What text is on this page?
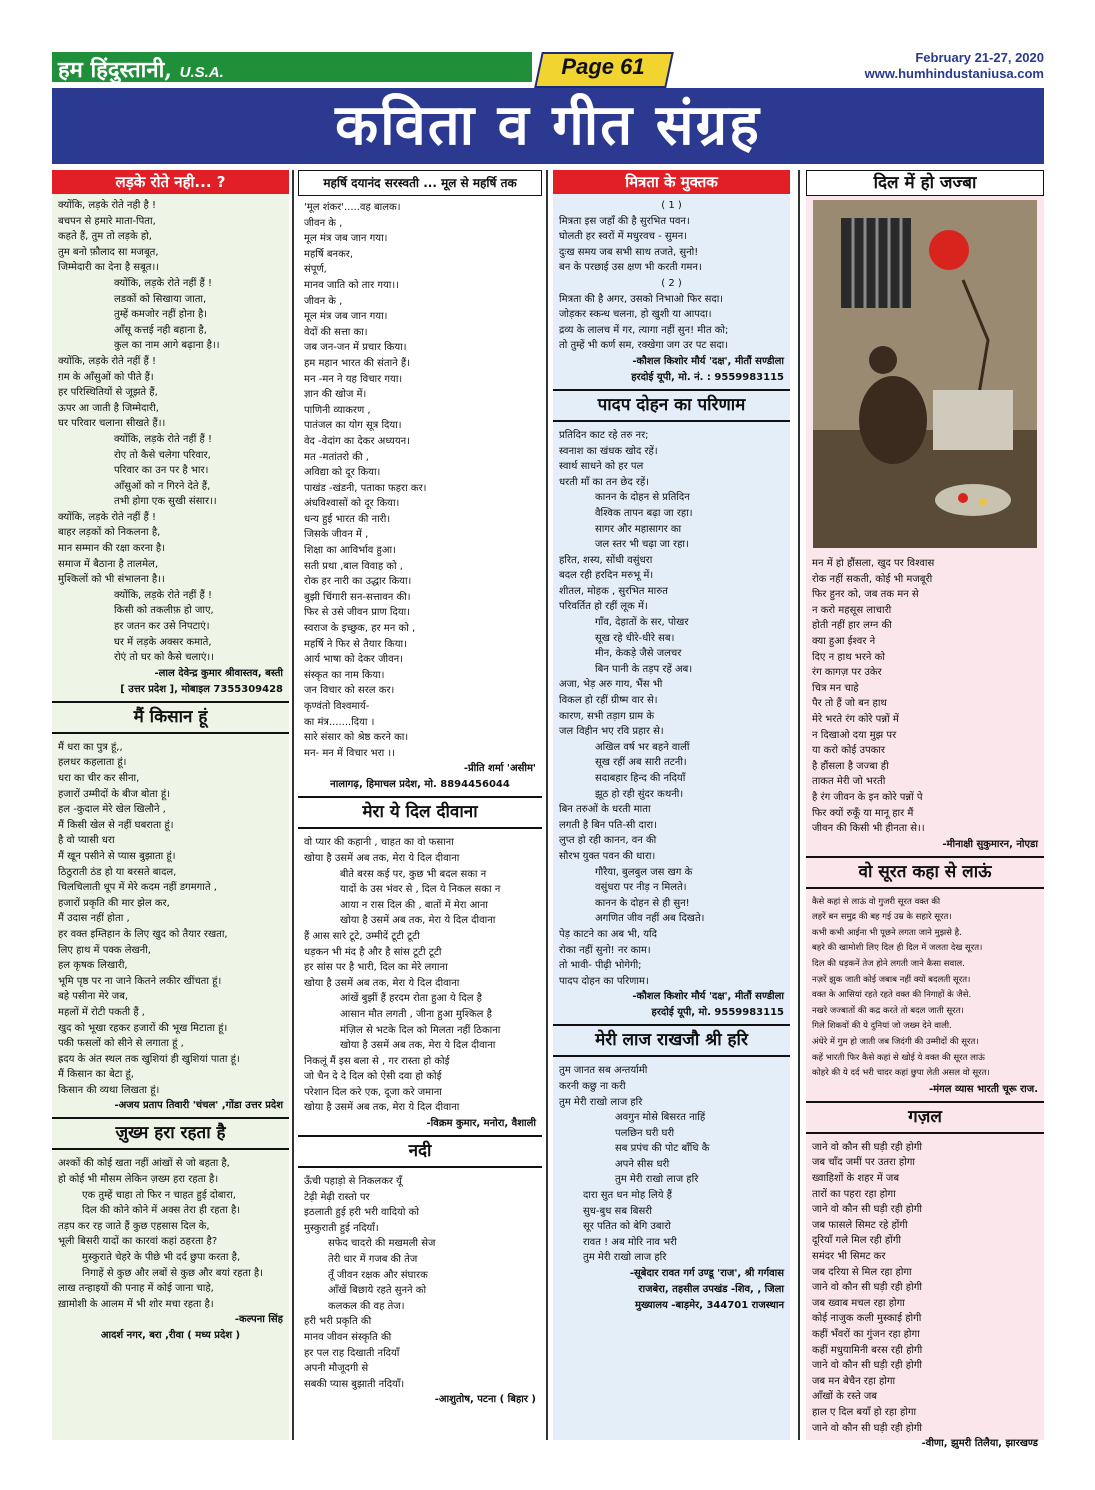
हम हिंदुस्तानी, U.S.A.	Page 61	February 21-27, 2020
www.humhindustaniusa.com
कविता व गीत संग्रह
लड़के रोते नही... ?
क्योंकि, लड़के रोते नही है !
बचपन से हमारे माता-पिता,
कहते हैं, तुम तो लड़के हो,
तुम बनो फ़ौलाद सा मजबूत,
जिम्मेदारी का देना है सबूत।।
क्योंकि, लड़के रोते नहीं हैं !
लडकों को सिखाया जाता,
तुम्हें कमजोर नहीं होना है।
आँसू कत्तई नही बहाना है,
कुल का नाम आगे बढ़ाना है।।
क्योंकि, लड़के रोते नहीं हैं !
ग़म के आँसुओं को पीते हैं।
हर परिस्थितियों से जूझते हैं,
ऊपर आ जाती है जिम्मेदारी,
घर परिवार चलाना सीखते हैं।।
क्योंकि, लड़के रोते नहीं हैं !
रोए तो कैसे चलेगा परिवार,
परिवार का उन पर है भार।
आँसुओं को न गिरने देते हैं,
तभी होगा एक सुखी संसार।।
क्योंकि, लड़के रोते नहीं हैं !
बाहर लड़कों को निकलना है,
मान सम्मान की रक्षा करना है।
समाज में बैठाना है तालमेल,
मुश्किलों को भी संभालना है।।
क्योंकि, लड़के रोते नहीं हैं !
किसी को तकलीफ़ हो जाए,
हर जतन कर उसे निपटाएं।
घर में लड़के अक्सर कमाते,
रोएं तो घर को कैसे चलाएं।।
-लाल देवेन्द्र कुमार श्रीवास्तव, बस्ती
[ उत्तर प्रदेश ], मोबाइल 7355309428
मैं किसान हूं
मैं धरा का पुत्र हूं,,
हलधर कहलाता हूं।
धरा का चीर कर सीना,
हजारों उम्मीदों के बीज बोता हूं।
हल -कुदाल मेरे खेल खिलौने ,
मैं किसी खेल से नहीं घबराता हूं।
है वो प्यासी धरा
मैं खून पसीने से प्यास बुझाता हूं।
ठिठुराती ठंड हो या बरसते बादल,
चिलचिलाती धूप में मेरे कदम नहीं डगमगाते ,
हजारों प्रकृति की मार झेल कर,
मैं उदास नहीं होता ,
हर वक्त इम्तिहान के लिए खुद को तैयार रखता,
लिए हाथ में पक्क लेखनी,
हल कृषक लिखारी,
भूमि पृष्ठ पर ना जाने कितने लकीर खींचता हूं।
बहे पसीना मेरे जब,
महलों में रोटी पकती हैं ,
खुद को भूखा रहकर हजारों की भूख मिटाता हूं।
पकी फसलों को सीने से लगाता हूं ,
ह्रदय के अंत स्थल तक खुशियां ही खुशियां पाता हूं।
मैं किसान का बेटा हूं,
किसान की व्यथा लिखता हूं।
-अजय प्रताप तिवारी 'चंचल' ,गोंडा उत्तर प्रदेश
ज़ुख्म हरा रहता है
अश्कों की कोई खता नहीं आंखों से जो बहता है,
हो कोई भी मौसम लेकिन ज़ख्म हरा रहता है।
एक तुम्हें चाहा तो फिर न चाहत हुई दोबारा,
दिल की कोने कोने में अक्स तेरा ही रहता है।
तड़प कर रह जाते हैं कुछ एहसास दिल के,
भूली बिसरी यादों का कारवां कहां ठहरता है?
मुस्कुराते चेहरे के पीछे भी दर्द छुपा करता है,
निगाहें से कुछ और लबों से कुछ और बयां रहता है।
लाख तन्हाइयों की पनाह में कोई जाना चाहे,
ख़ामोशी के आलम में भी शोर मचा रहता है।
-कल्पना सिंह
आदर्श नगर, बरा ,रीवा ( मध्य प्रदेश )
महर्षि दयानंद सरस्वती ... मूल से महर्षि तक
'मूल शंकर'.....वह बालक।
जीवन के ,
मूल मंत्र जब जान गया।
महर्षि बनकर,
संपूर्ण,
मानव जाति को तार गया।।
जीवन के ,
मूल मंत्र जब जान गया।
वेदों की सत्ता का।
जब जन-जन में प्रचार किया।
हम महान भारत की संताने हैं।
मन -मन ने यह विचार गया।
ज्ञान की खोज में।
पाणिनी व्याकरण ,
पातंजल का योग सूत्र दिया।
वेद -वेदांग का देकर अध्ययन।
मत -मतांतरो की ,
अविद्या को दूर किया।
पाखंड -खंडनी, पताका फहरा कर।
अंधविश्वासों को दूर किया।
धन्य हुई भारत की नारी।
जिसके जीवन में ,
शिक्षा का आविर्भाव हुआ।
सती प्रथा ,बाल विवाह को ,
रोक हर नारी का उद्धार किया।
बुझी चिंगारी सन-सत्तावन की।
फिर से उसे जीवन प्राण दिया।
स्वराज के इच्छुक, हर मन को ,
महर्षि ने फिर से तैयार किया।
आर्य भाषा को देकर जीवन।
संस्कृत का नाम किया।
जन विचार को सरल कर।
कृण्वंतो विश्वमार्य-
का मंत्र.......दिया ।
सारे संसार को श्रेष्ठ करने का।
मन- मन में विचार भरा ।।
-प्रीति शर्मा 'असीम'
नालागढ़, हिमाचल प्रदेश, मो. 8894456044
मेरा ये दिल दीवाना
वो प्यार की कहानी , चाहत का वो फसाना
खोया है उसमें अब तक, मेरा ये दिल दीवाना
बीते बरस कई पर, कुछ भी बदल सका न
यादों के उस भंवर से , दिल ये निकल सका न
आया न रास दिल की , बातों में मेरा आना
खोया है उसमें अब तक, मेरा ये दिल दीवाना
हैं आस सारे टूटे, उम्मीदें टूटी टूटी
धड़कन भी मंद है और है सांस टूटी टूटी
हर सांस पर है भारी, दिल का मेरे लगाना
खोया है उसमें अब तक, मेरा ये दिल दीवाना
आंखें बुझीं हैं हरदम रोता हुआ ये दिल है
आसान मौत लगती , जीना हुआ मुश्किल है
मंज़िल से भटके दिल को मिलता नहीं ठिकाना
खोया है उसमें अब तक, मेरा ये दिल दीवाना
निकलूं मैं इस बला से , गर रास्ता हो कोई
जो चैन दे दे दिल को ऐसी दवा हो कोई
परेशान दिल करे एक, दूजा करे जमाना
खोया है उसमें अब तक, मेरा ये दिल दीवाना
-विक्रम कुमार, मनोरा, वैशाली
नदी
ऊँची पहाड़ो से निकलकर यूँ
टेढ़ी मेढ़ी रास्तो पर
इठलाती हुई हरी भरी वादियो को
मुस्कुराती हुई नदियाँ।
सफेद चादरो की मखमली सेज
तेरी धार में गजब की तेज
तूँ जीवन रक्षक और संघारक
आँखें बिछाये रहते सुनने को
कलकल की वह तेज।
हरी भरी प्रकृति की
मानव जीवन संस्कृति की
हर पल राह दिखाती नदियाँ
अपनी मौजूदगी से
सबकी प्यास बुझाती नदियाँ।
-आशुतोष, पटना ( बिहार )
मित्रता के मुक्तक
( 1 )
मित्रता इस जहाँ की है सुरभित पवन।
घोलती हर स्वरों में मधुरवच - सुमन।
दुःख समय जब सभी साथ तजते, सुनो!
बन के परछाई उस क्षण भी करती गमन।
( 2 )
मित्रता की है अगर, उसको निभाओ फिर सदा।
जोड़कर स्कन्ध चलना, हो खुशी या आपदा।
द्रव्य के लालच में गर, त्यागा नहीं सुन! मीत को;
तो तुम्हें भी कर्ण सम, रक्खेगा जग उर पट सदा।
-कौशल किशोर मौर्य 'दक्ष', मीतौं सण्डीला
हरदोई यूपी, मो. नं. : 9559983115
पादप दोहन का परिणाम
प्रतिदिन काट रहे तरु नर;
स्वनाश का खंधक खोद रहें।
स्वार्थ साधने को हर पल
धरती माँ का तन छेद रहें।
कानन के दोहन से प्रतिदिन
वैश्विक तापन बढ़ा जा रहा।
सागर और महासागर का
जल स्तर भी चढ़ा जा रहा।
हरित, शस्य, सोंधी वसुंधरा
बदल रही हरदिन मरुभू में।
शीतल, मोहक , सुरभित मारुत
परिवर्तित हो रहीं लूक में।
गाँव, देहातों के सर, पोखर
सूख रहे धीरे-धीरे सब।
मीन, केकड़े जैसे जलचर
बिन पानी के तड़प रहें अब।
अजा, भेड़ अरु गाय, भैंस भी
विकल हो रहीं ग्रीष्म वार से।
कारण, सभी तड़ाग ग्राम के
जल विहीन भए रवि प्रहार से।
अखिल वर्ष भर बहने वालीं
सूख रहीं अब सारी तटनी।
सदाबहार हिन्द की नदियाँ
झूठ हो रही सुंदर कथनी।
बिन तरुओं के धरती माता
लगती है बिन पति-सी दारा।
लुप्त हो रही कानन, वन की
सौरभ युक्त पवन की धारा।
गौरैया, बुलबुल जस खग के
वसुंधरा पर नीड़ न मिलते।
कानन के दोहन से ही सुन!
अगणित जीव नहीं अब दिखते।
पेड़ काटने का अब भी, यदि
रोका नहीं सुनो! नर काम।
तो भावी- पीढ़ी भोगेगी;
पादप दोहन का परिणाम।
-कौशल किशोर मौर्य 'दक्ष', मीतौं सण्डीला
हरदोई यूपी, मो. 9559983115
मेरी लाज राखजौ श्री हरि
तुम जानत सब अन्तर्यामी
करनी कछु ना करी
तुम मेरी राखो लाज हरि
अवगुन मोसे बिसरत नाहिं
पलछिन घरी घरी
सब प्रपंच की पोट बाँधि कै
अपने सीस धरी
तुम मेरी राखो लाज हरि
दारा सुत धन मोह लिये हैं
सुध-बुध सब बिसरी
सूर पतित को बेगि उबारो
रावत ! अब मोरि नाव भरी
तुम मेरी राखो लाज हरि
-सूबेदार रावत गर्ग उण्डू 'राज', श्री गर्गवास
राजबेरा, तहसील उपखंड -शिव, , जिला
मुख्यालय -बाड़मेर, 344701 राजस्थान
दिल में हो जज्बा
मन में हो हौंसला, खुद पर विश्वास
रोक नहीं सकती, कोई भी मजबूरी
फिर हुनर को, जब तक मन से
न करो महसूस लाचारी
होती नहीं हार लग्न की
क्या हुआ ईश्वर ने
दिए न हाथ भरने को
रंग कागज़ पर उकेर
चित्र मन चाहे
पैर तो हैं जो बन हाथ
मेरे भरते रंग कोरे पन्नों में
न दिखाओ दया मुझ पर
या करो कोई उपकार
है हौंसला है जज्बा ही
ताकत मेरी जो भरती
है रंग जीवन के इन कोरे पन्नों पे
फिर क्यों रुकूँ या मानू हार मैं
जीवन की किसी भी हीनता से।।
-मीनाक्षी सुकुमारन, नोएडा
वो सूरत कहा से लाऊं
कैसे कहां से लाऊं वो गुजरी सूरत वक्त की
लहरें बन समुद्र की बह गई उम्र के सहारे सूरत।
कभी कभी आईना भी पूछने लगता जाने मुझसे है.
बहरे की खामोशी लिए दिल ही दिल में जलता देख सूरत।
दिल की धड़कनें तेज होने लगती जाने कैसा सवाल.
नज़रें झुक जाती कोई जबाब नहीं क्यों बदलती सूरत।
वक्त के आसियां रहते रहते वक्त की निगाहों के जैसे.
नखरे जज्बातों की कद्र करते तो बदल जाती सूरत।
गिले शिकवों की ये दुनियां जो जख्म देने वाली.
अंधेरे में गुम हो जाती जब जिदंगी की उम्मीदों की सूरत।
कहें भारती फिर कैसे कहां से खोई ये वक्त की सूरत लाऊं
कोहरे की ये दर्द भरी चादर कहां छुपा लेती असल वो सूरत।
-मंगल व्यास भारती चूरू राज.
गज़ल
जाने वो कौन सी घड़ी रही होगी
जब चाँद जमीं पर उतरा होगा
ख्वाहिशों के शहर में जब
तारों का पहरा रहा होगा
जाने वो कौन सी घड़ी रही होगी
जब फासले सिमट रहे होंगी
दूरियाँ गले मिल रही होंगी
समंदर भी सिमट कर
जब दरिया से मिल रहा होगा
जाने वो कौन सी घड़ी रही होगी
जब ख्वाब मचल रहा होगा
कोई नाजुक कली मुस्काई होगी
कहीं भँवरों का गुंजन रहा होगा
कहीं मधुयामिनी बरस रही होगी
जाने वो कौन सी घड़ी रही होगी
जब मन बेचैन रहा होगा
आँखों के रस्ते जब
हाल ए दिल बयाँ हो रहा होगा
जाने वो कौन सी घड़ी रही होगी
-वीणा, झुमरी तिलैया, झारखण्ड
